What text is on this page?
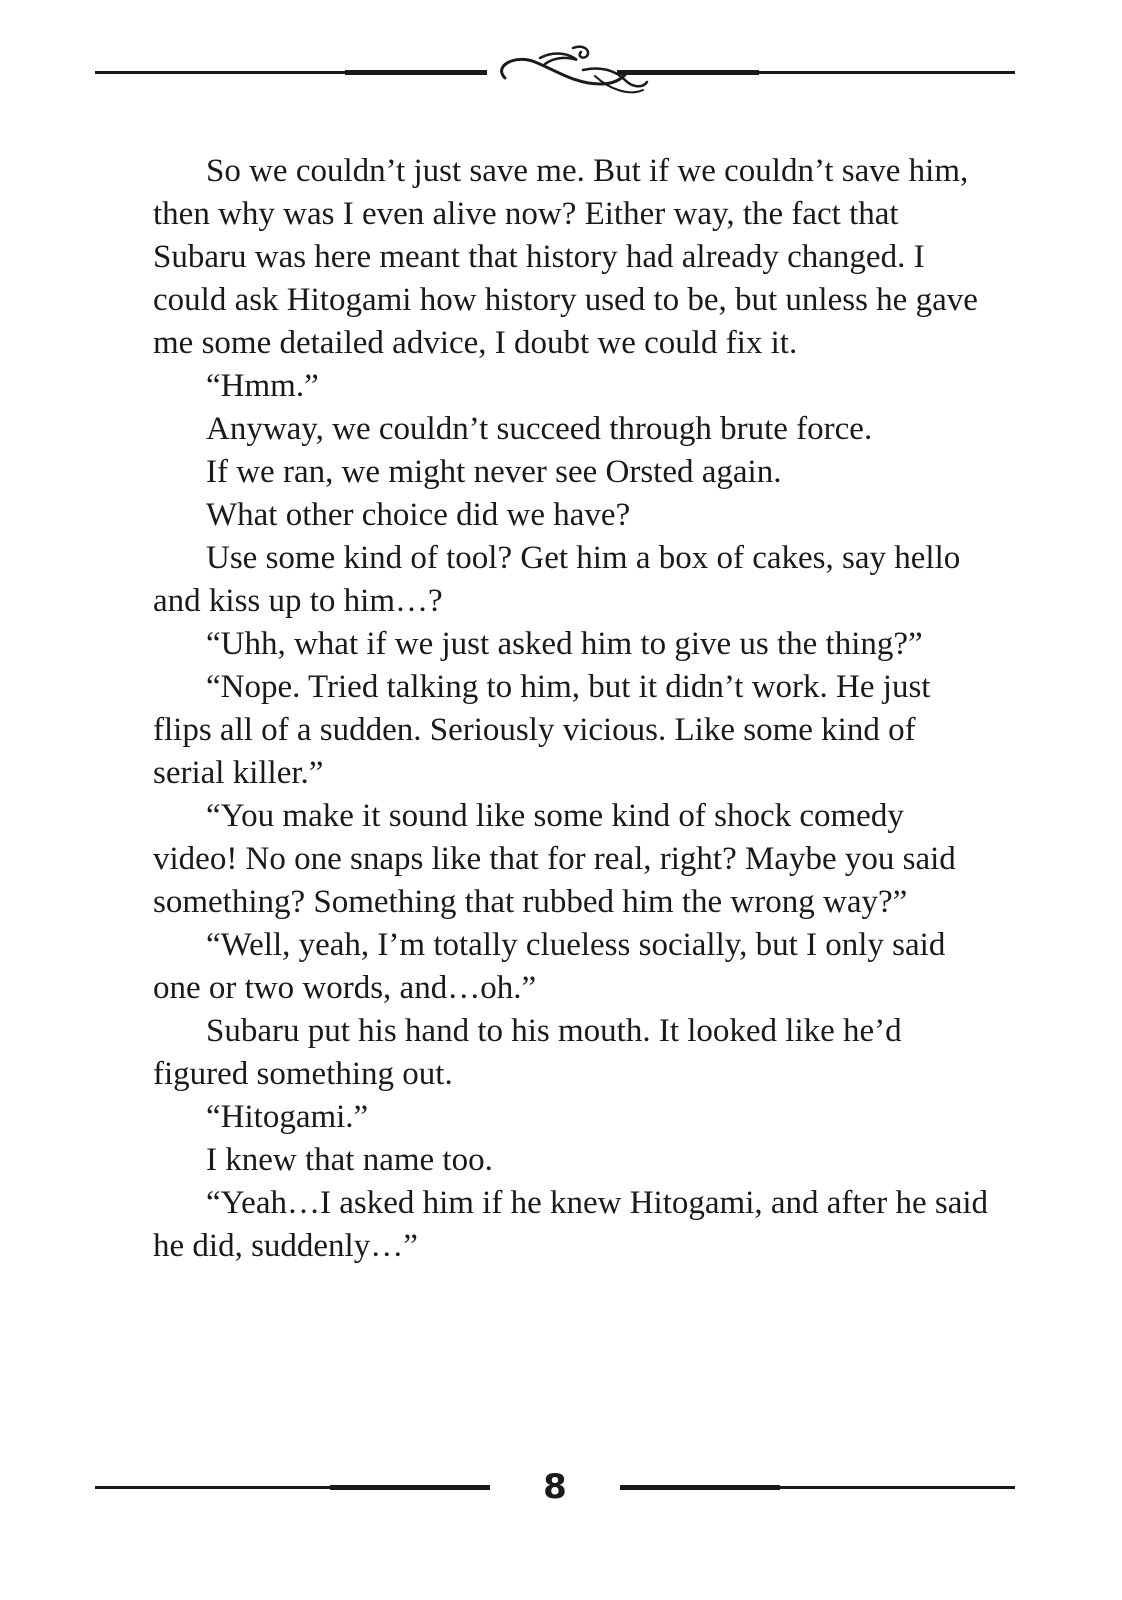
So we couldn’t just save me. But if we couldn’t save him, then why was I even alive now? Either way, the fact that Subaru was here meant that history had already changed. I could ask Hitogami how history used to be, but unless he gave me some detailed advice, I doubt we could fix it.

“Hmm.”

Anyway, we couldn’t succeed through brute force.

If we ran, we might never see Orsted again.

What other choice did we have?

Use some kind of tool? Get him a box of cakes, say hello and kiss up to him…?

“Uhh, what if we just asked him to give us the thing?”

“Nope. Tried talking to him, but it didn’t work. He just flips all of a sudden. Seriously vicious. Like some kind of serial killer.”

“You make it sound like some kind of shock comedy video! No one snaps like that for real, right? Maybe you said something? Something that rubbed him the wrong way?”

“Well, yeah, I’m totally clueless socially, but I only said one or two words, and…oh.”

Subaru put his hand to his mouth. It looked like he’d figured something out.

“Hitogami.”

I knew that name too.

“Yeah…I asked him if he knew Hitogami, and after he said he did, suddenly…”

8
